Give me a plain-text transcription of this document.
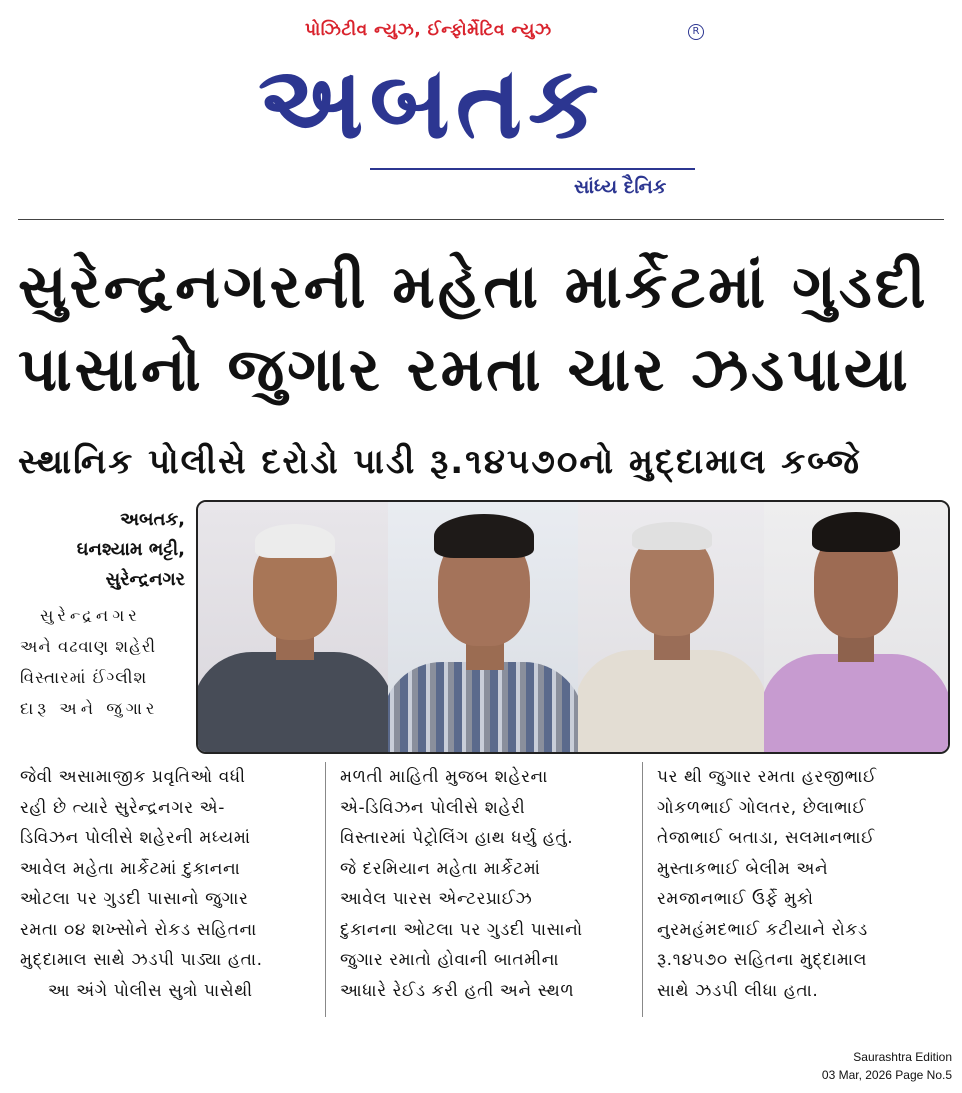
પોઝિટીવ ન્યુઝ, ઈન્ફોર્મેટિવ ન્યુઝ	R
અબતક
સાંધ્ય દૈનિક
સુરેન્દ્રનગરની મહેતા માર્કેટમાં ગુડદી
પાસાનો જુગાર રમતા ચાર ઝડપાયા
સ્થાનિક પોલીસે દરોડો પાડી રૂ.૧૪૫૭૦નો મુદ્દામાલ કબ્જે
અબતક,
ઘનશ્યામ ભટ્ટી,
સુરેન્દ્રનગર
સુરેન્દ્રનગર
અને વઢવાણ શહેરી
વિસ્તારમાં ઈંગ્લીશ
દારૂ અને જુગાર
જેવી અસામાજીક પ્રવૃતિઓ વધી
રહી છે ત્યારે સુરેન્દ્રનગર એ-
ડિવિઝન પોલીસે શહેરની મધ્યમાં
આવેલ મહેતા માર્કેટમાં દુકાનના
ઓટલા પર ગુડદી પાસાનો જુગાર
રમતા ૦૪ શખ્સોને રોકડ સહિતના
મુદ્દામાલ સાથે ઝડપી પાડ્યા હતા.
આ અંગે પોલીસ સુત્રો પાસેથી
મળતી માહિતી મુજબ શહેરના
એ-ડિવિઝન પોલીસે શહેરી
વિસ્તારમાં પેટ્રોલિંગ હાથ ધર્યુ હતું.
જે દરમિયાન મહેતા માર્કેટમાં
આવેલ પારસ એન્ટરપ્રાઈઝ
દુકાનના ઓટલા પર ગુડદી પાસાનો
જુગાર રમાતો હોવાની બાતમીના
આધારે રેઈડ કરી હતી અને સ્થળ
પર થી જુગાર રમતા હરજીભાઈ
ગોકળભાઈ ગોલતર, છેલાભાઈ
તેજાભાઈ બતાડા, સલમાનભાઈ
મુસ્તાકભાઈ બેલીમ અને
રમજાનભાઈ ઉર્ફે મુકો
નુરમહંમદભાઈ કટીયાને રોકડ
રૂ.૧૪૫૭૦ સહિતના મુદ્દામાલ
સાથે ઝડપી લીધા હતા.
Saurashtra Edition
03 Mar, 2026 Page No.5
